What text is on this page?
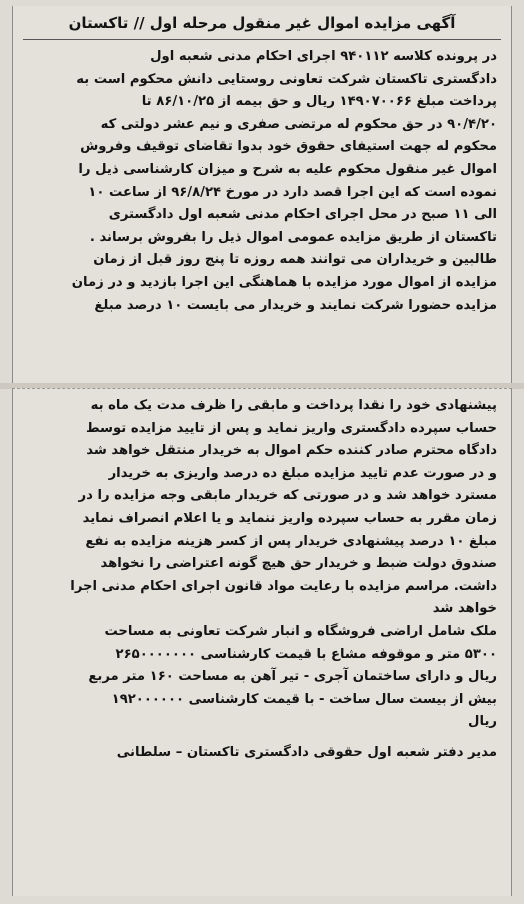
آگهی مزایده اموال غیر منقول مرحله اول // تاکستان
در پرونده کلاسه ۹۴۰۱۱۲ اجرای احکام مدنی شعبه اول
دادگستری تاکستان شرکت تعاونی روستایی دانش محکوم است به
پرداخت مبلغ ۱۴۹۰۷۰۰۶۶ ریال و حق بیمه از ۸۶/۱۰/۲۵ تا
۹۰/۴/۲۰ در حق محکوم له مرتضی صفری و نیم عشر دولتی که
محکوم له جهت استیفای حقوق خود بدوا تقاضای توقیف وفروش
اموال غیر منقول محکوم علیه به شرح و میزان کارشناسی ذیل را
نموده است که این اجرا قصد دارد در مورخ ۹۶/۸/۲۴ از ساعت ۱۰
الی ۱۱ صبح در محل اجرای احکام مدنی شعبه اول دادگستری
تاکستان از طریق مزایده عمومی اموال ذیل را بفروش برساند .
طالبین و خریداران می توانند همه روزه تا پنج روز قبل از زمان
مزایده از اموال مورد مزایده با هماهنگی این اجرا بازدید و در زمان
مزایده حضورا شرکت نمایند و خریدار می بایست ۱۰ درصد مبلغ
پیشنهادی خود را نقدا پرداخت و مابقی را ظرف مدت یک ماه به
حساب سپرده دادگستری واریز نماید و پس از تایید مزایده توسط
دادگاه محترم صادر کننده حکم اموال به خریدار منتقل خواهد شد
و در صورت عدم تایید مزایده مبلغ ده درصد واریزی به خریدار
مسترد خواهد شد و در صورتی که خریدار مابقی وجه مزایده را در
زمان مقرر به حساب سپرده واریز ننماید و یا اعلام انصراف نماید
مبلغ ۱۰ درصد پیشنهادی خریدار پس از کسر هزینه مزایده به نفع
صندوق دولت ضبط و خریدار حق هیچ گونه اعتراضی را نخواهد
داشت. مراسم مزایده با رعایت مواد قانون اجرای احکام مدنی اجرا
خواهد شد
ملک شامل اراضی فروشگاه و انبار شرکت تعاونی به مساحت
۵۳۰۰ متر و موقوفه مشاع با قیمت کارشناسی ۲۶۵۰۰۰۰۰۰۰
ریال و دارای ساختمان آجری - تیر آهن به مساحت ۱۶۰ متر مربع
بیش از بیست سال ساخت - با قیمت کارشناسی ۱۹۲۰۰۰۰۰۰
ریال
مدیر دفتر شعبه اول حقوقی دادگستری تاکستان – سلطانی
